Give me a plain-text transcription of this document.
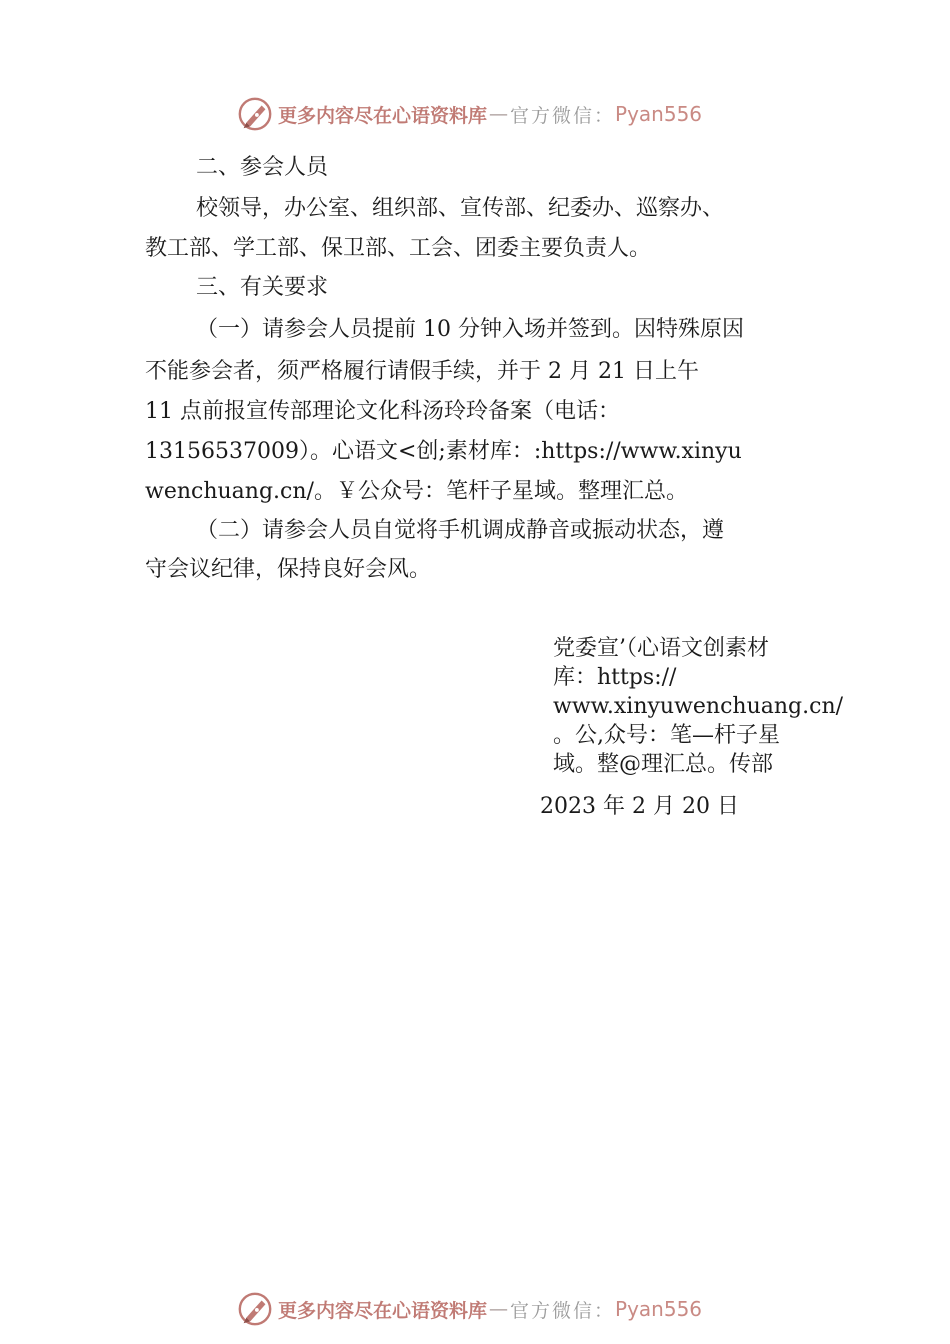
更多内容尽在心语资料库 — 官方微信： Pyan556
二、参会人员
校领导，办公室、组织部、宣传部、纪委办、巡察办、
教工部、学工部、保卫部、工会、团委主要负责人。
三、有关要求
（一）请参会人员提前 10 分钟入场并签到。因特殊原因
不能参会者，须严格履行请假手续，并于 2 月 21 日上午
11 点前报宣传部理论文化科汤玲玲备案（电话：
13156537009）。心语文<创;素材库：:https://www.xinyu
wenchuang.cn/。￥公众号：笔杆子星域。整理汇总。
（二）请参会人员自觉将手机调成静音或振动状态，遵
守会议纪律，保持良好会风。
党委宣’（心语文创素材
库：https://
www.xinyuwenchuang.cn/
。公,众号：笔—杆子星
域。整@理汇总。传部
2023 年 2 月 20 日
更多内容尽在心语资料库 — 官方微信： Pyan556
